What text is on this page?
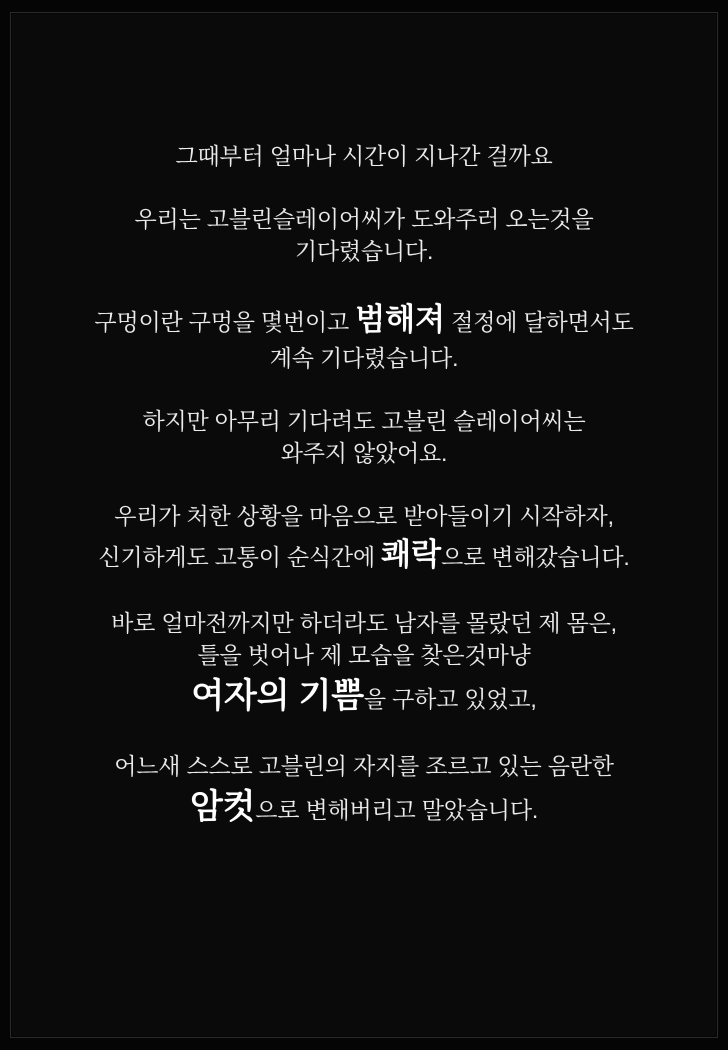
그때부터 얼마나 시간이 지나간 걸까요

우리는 고블린슬레이어씨가 도와주러 오는것을
기다렸습니다.

구멍이란 구멍을 몇번이고 범해져 절정에 달하면서도
계속 기다렸습니다.

하지만 아무리 기다려도 고블린 슬레이어씨는
와주지 않았어요.

우리가 처한 상황을 마음으로 받아들이기 시작하자,
신기하게도 고통이 순식간에 쾌락으로 변해갔습니다.

바로 얼마전까지만 하더라도 남자를 몰랐던 제 몸은,
틀을 벗어나 제 모습을 찾은것마냥
여자의 기쁨을 구하고 있었고,

어느새 스스로 고블린의 자지를 조르고 있는 음란한
암컷으로 변해버리고 말았습니다.
